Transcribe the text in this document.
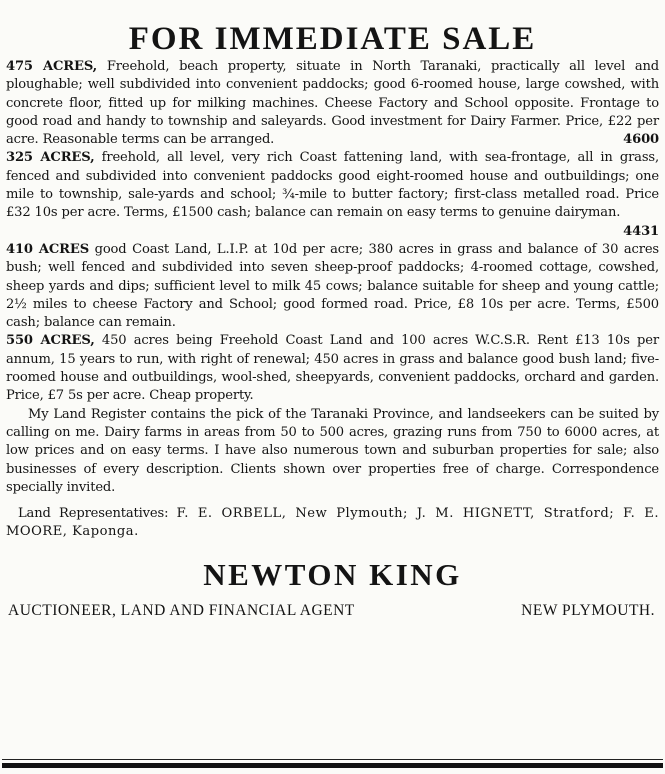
FOR IMMEDIATE SALE

475 ACRES, Freehold, beach property, situate in North Taranaki, practically all level and ploughable; well subdivided into convenient paddocks; good 6-roomed house, large cowshed, with concrete floor, fitted up for milking machines. Cheese Factory and School opposite. Frontage to good road and handy to township and saleyards. Good investment for Dairy Farmer. Price, £22 per acre. Reasonable terms can be arranged.	4600

325 ACRES, freehold, all level, very rich Coast fattening land, with sea-frontage, all in grass, fenced and subdivided into convenient paddocks good eight-roomed house and outbuildings; one mile to township, sale-yards and school; ¾-mile to butter factory; first-class metalled road. Price £32 10s per acre. Terms, £1500 cash; balance can remain on easy terms to genuine dairyman.
4431

410 ACRES good Coast Land, L.I.P. at 10d per acre; 380 acres in grass and balance of 30 acres bush; well fenced and subdivided into seven sheep-proof paddocks; 4-roomed cottage, cowshed, sheep yards and dips; sufficient level to milk 45 cows; balance suitable for sheep and young cattle; 2½ miles to cheese Factory and School; good formed road. Price, £8 10s per acre. Terms, £500 cash; balance can remain.

550 ACRES, 450 acres being Freehold Coast Land and 100 acres W.C.S.R. Rent £13 10s per annum, 15 years to run, with right of renewal; 450 acres in grass and balance good bush land; five-roomed house and outbuildings, wool-shed, sheepyards, convenient paddocks, orchard and garden. Price, £7 5s per acre. Cheap property.

My Land Register contains the pick of the Taranaki Province, and landseekers can be suited by calling on me. Dairy farms in areas from 50 to 500 acres, grazing runs from 750 to 6000 acres, at low prices and on easy terms. I have also numerous town and suburban properties for sale; also businesses of every description. Clients shown over properties free of charge. Correspondence specially invited.

Land Representatives: F. E. ORBELL, New Plymouth; J. M. HIGNETT, Stratford; F. E. MOORE, Kaponga.

NEWTON KING
AUCTIONEER, LAND AND FINANCIAL AGENT	NEW PLYMOUTH.
